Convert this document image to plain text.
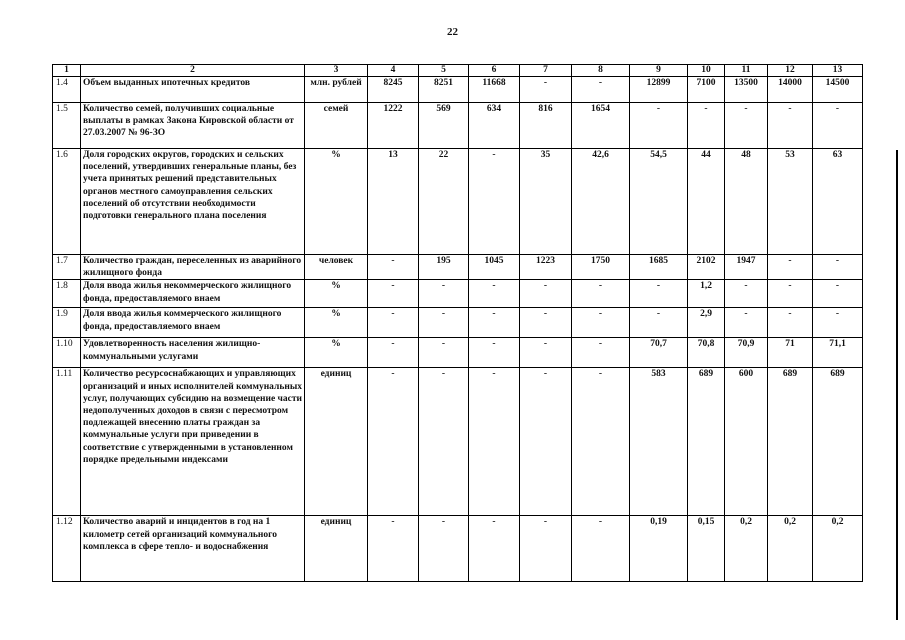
22
1	2	3	4	5	6	7	8	9	10	11	12	13
1.4	Объем выданных ипотечных кредитов	млн. рублей	8245	8251	11668	-	-	12899	7100	13500	14000	14500
1.5	Количество семей, получивших социальные выплаты в рамках Закона Кировской области от 27.03.2007 № 96-ЗО	семей	1222	569	634	816	1654	-	-	-	-	-
1.6	Доля городских округов, городских и сельских поселений, утвердивших генеральные планы, без учета принятых решений представительных органов местного самоуправления сельских поселений об отсутствии необходимости подготовки генерального плана поселения	%	13	22	-	35	42,6	54,5	44	48	53	63
1.7	Количество граждан, переселенных из аварийного жилищного фонда	человек	-	195	1045	1223	1750	1685	2102	1947	-	-
1.8	Доля ввода жилья некоммерческого жилищного фонда, предоставляемого внаем	%	-	-	-	-	-	-	1,2	-	-	-
1.9	Доля ввода жилья коммерческого жилищного фонда, предоставляемого внаем	%	-	-	-	-	-	-	2,9	-	-	-
1.10	Удовлетворенность населения жилищно-коммунальными услугами	%	-	-	-	-	-	70,7	70,8	70,9	71	71,1
1.11	Количество ресурсоснабжающих и управляющих организаций и иных исполнителей коммунальных услуг, получающих субсидию на возмещение части недополученных доходов в связи с пересмотром подлежащей внесению платы граждан за коммунальные услуги при приведении в соответствие с утвержденными в установленном порядке предельными индексами	единиц	-	-	-	-	-	583	689	600	689	689
1.12	Количество аварий и инцидентов в год на 1 километр сетей организаций коммунального комплекса в сфере тепло- и водоснабжения	единиц	-	-	-	-	-	0,19	0,15	0,2	0,2	0,2
